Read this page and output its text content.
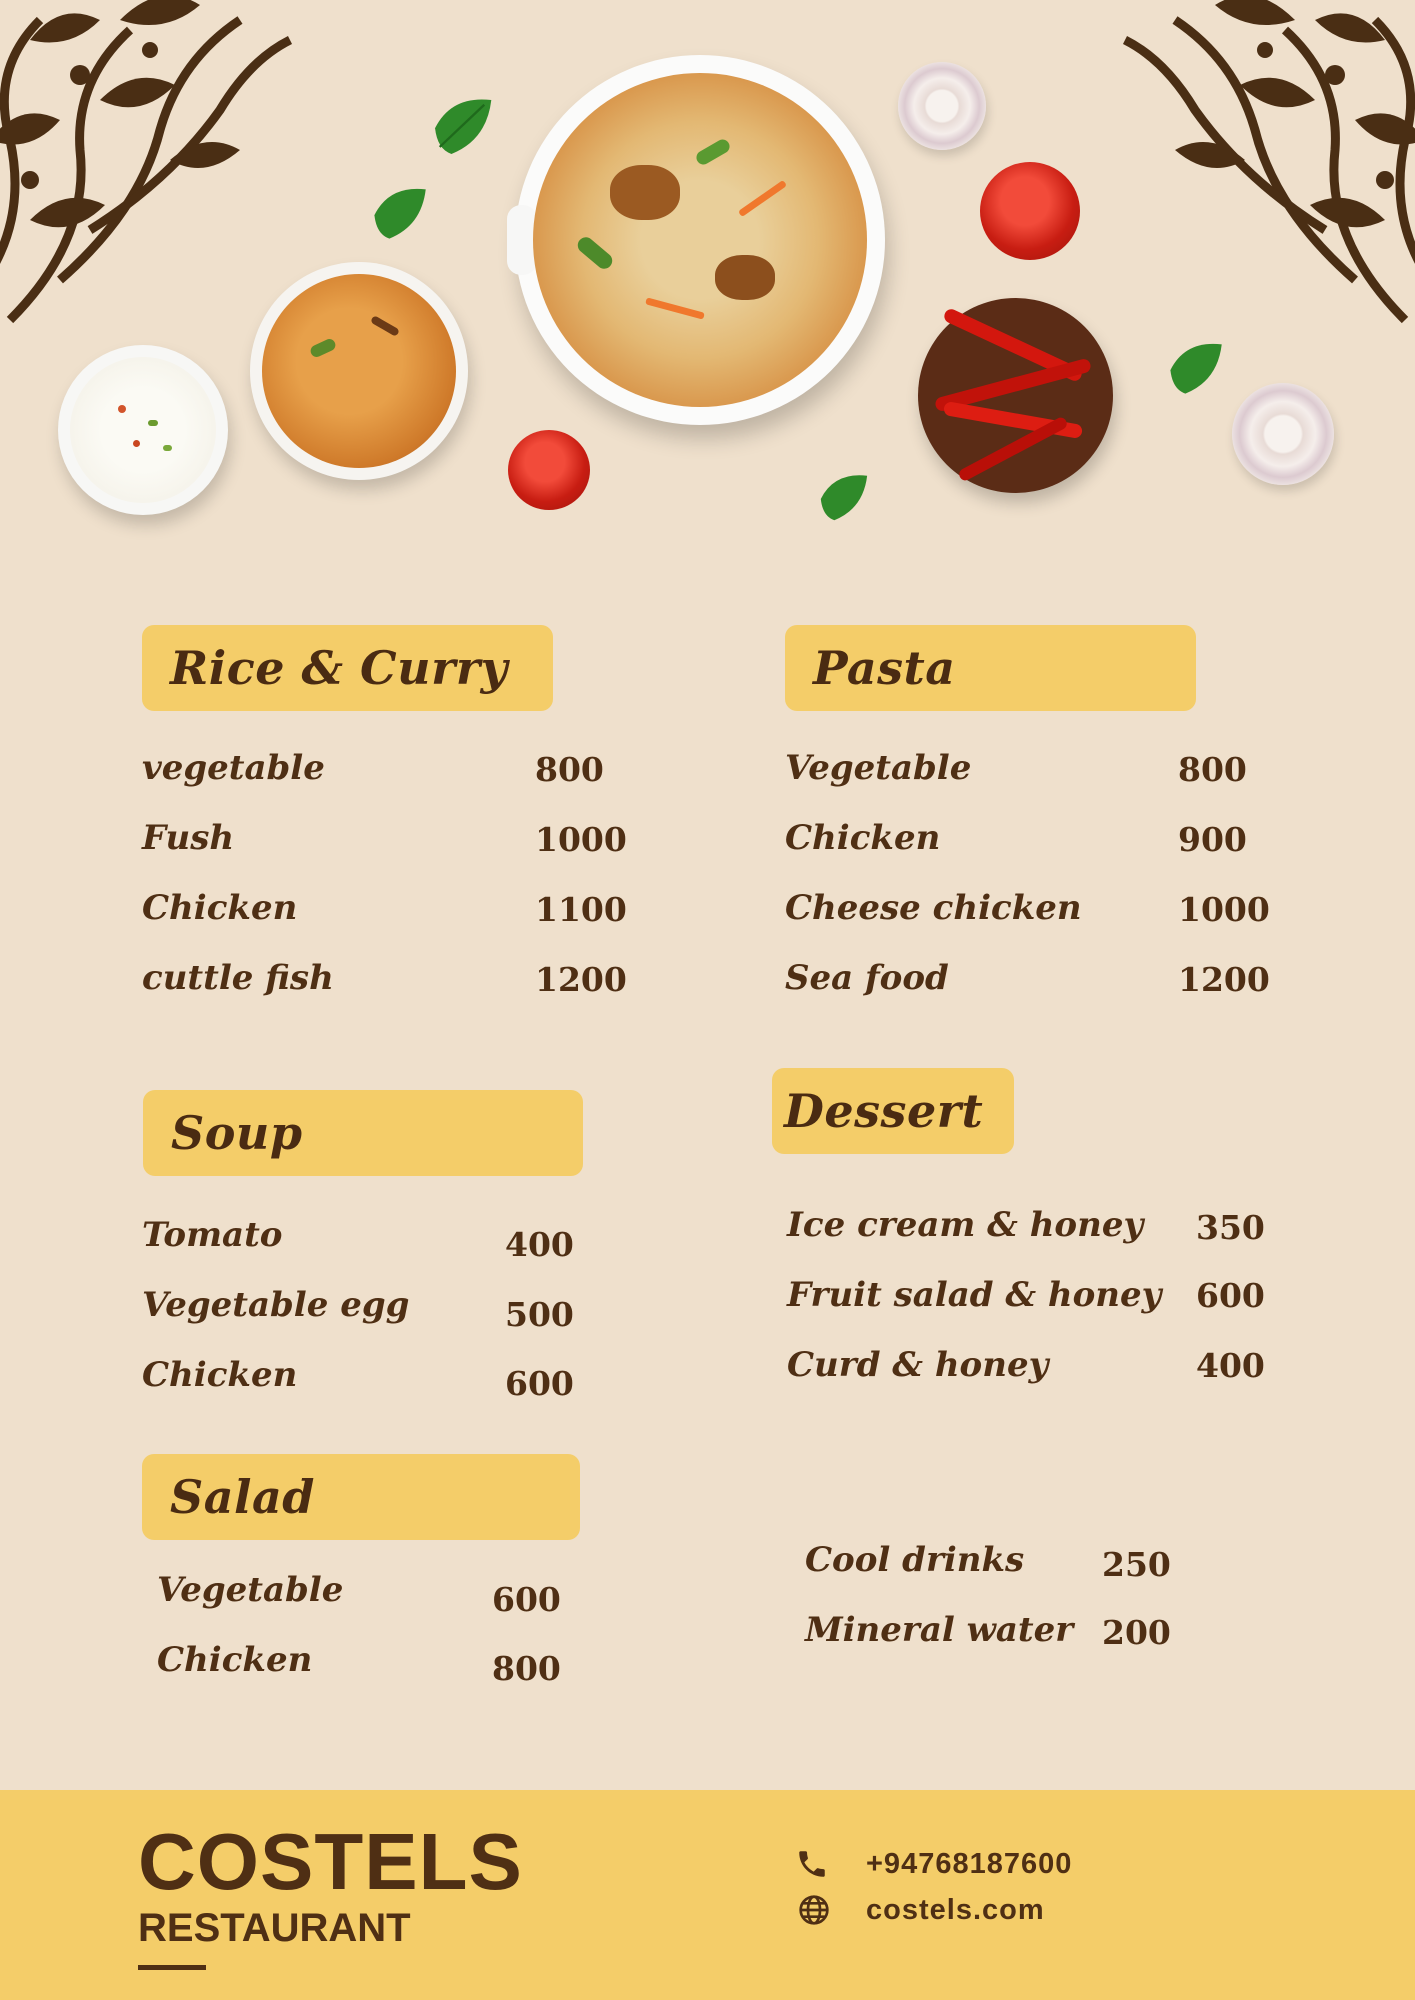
Rice & Curry
vegetable	800
Fush	1000
Chicken	1100
cuttle fish	1200
Pasta
Vegetable	800
Chicken	900
Cheese chicken	1000
Sea food	1200
Soup
Tomato	400
Vegetable egg	500
Chicken	600
Dessert
Ice cream & honey 350
Fruit salad & honey 600
Curd & honey	400
Salad
Vegetable	600
Chicken	800
Cool drinks 250
Mineral water 200
COSTELS
RESTAURANT
+94768187600
costels.com
